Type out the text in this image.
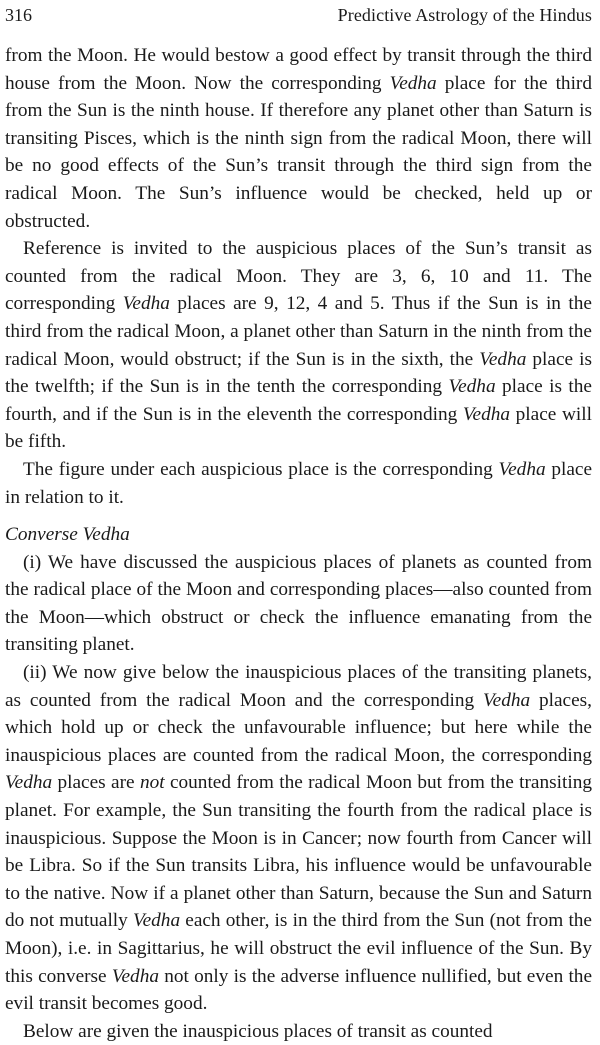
316	Predictive Astrology of the Hindus

from the Moon. He would bestow a good effect by transit through the third house from the Moon. Now the corresponding Vedha place for the third from the Sun is the ninth house. If therefore any planet other than Saturn is transiting Pisces, which is the ninth sign from the radical Moon, there will be no good effects of the Sun’s transit through the third sign from the radical Moon. The Sun’s influence would be checked, held up or obstructed.

Reference is invited to the auspicious places of the Sun’s transit as counted from the radical Moon. They are 3, 6, 10 and 11. The corresponding Vedha places are 9, 12, 4 and 5. Thus if the Sun is in the third from the radical Moon, a planet other than Saturn in the ninth from the radical Moon, would obstruct; if the Sun is in the sixth, the Vedha place is the twelfth; if the Sun is in the tenth the corresponding Vedha place is the fourth, and if the Sun is in the eleventh the corresponding Vedha place will be fifth.

The figure under each auspicious place is the corresponding Vedha place in relation to it.

Converse Vedha

(i) We have discussed the auspicious places of planets as counted from the radical place of the Moon and corresponding places—also counted from the Moon—which obstruct or check the influence emanating from the transiting planet.

(ii) We now give below the inauspicious places of the transiting planets, as counted from the radical Moon and the corresponding Vedha places, which hold up or check the unfavourable influence; but here while the inauspicious places are counted from the radical Moon, the corresponding Vedha places are not counted from the radical Moon but from the transiting planet. For example, the Sun transiting the fourth from the radical place is inauspicious. Suppose the Moon is in Cancer; now fourth from Cancer will be Libra. So if the Sun transits Libra, his influence would be unfavourable to the native. Now if a planet other than Saturn, because the Sun and Saturn do not mutually Vedha each other, is in the third from the Sun (not from the Moon), i.e. in Sagittarius, he will obstruct the evil influence of the Sun. By this converse Vedha not only is the adverse influence nullified, but even the evil transit becomes good.

Below are given the inauspicious places of transit as counted
